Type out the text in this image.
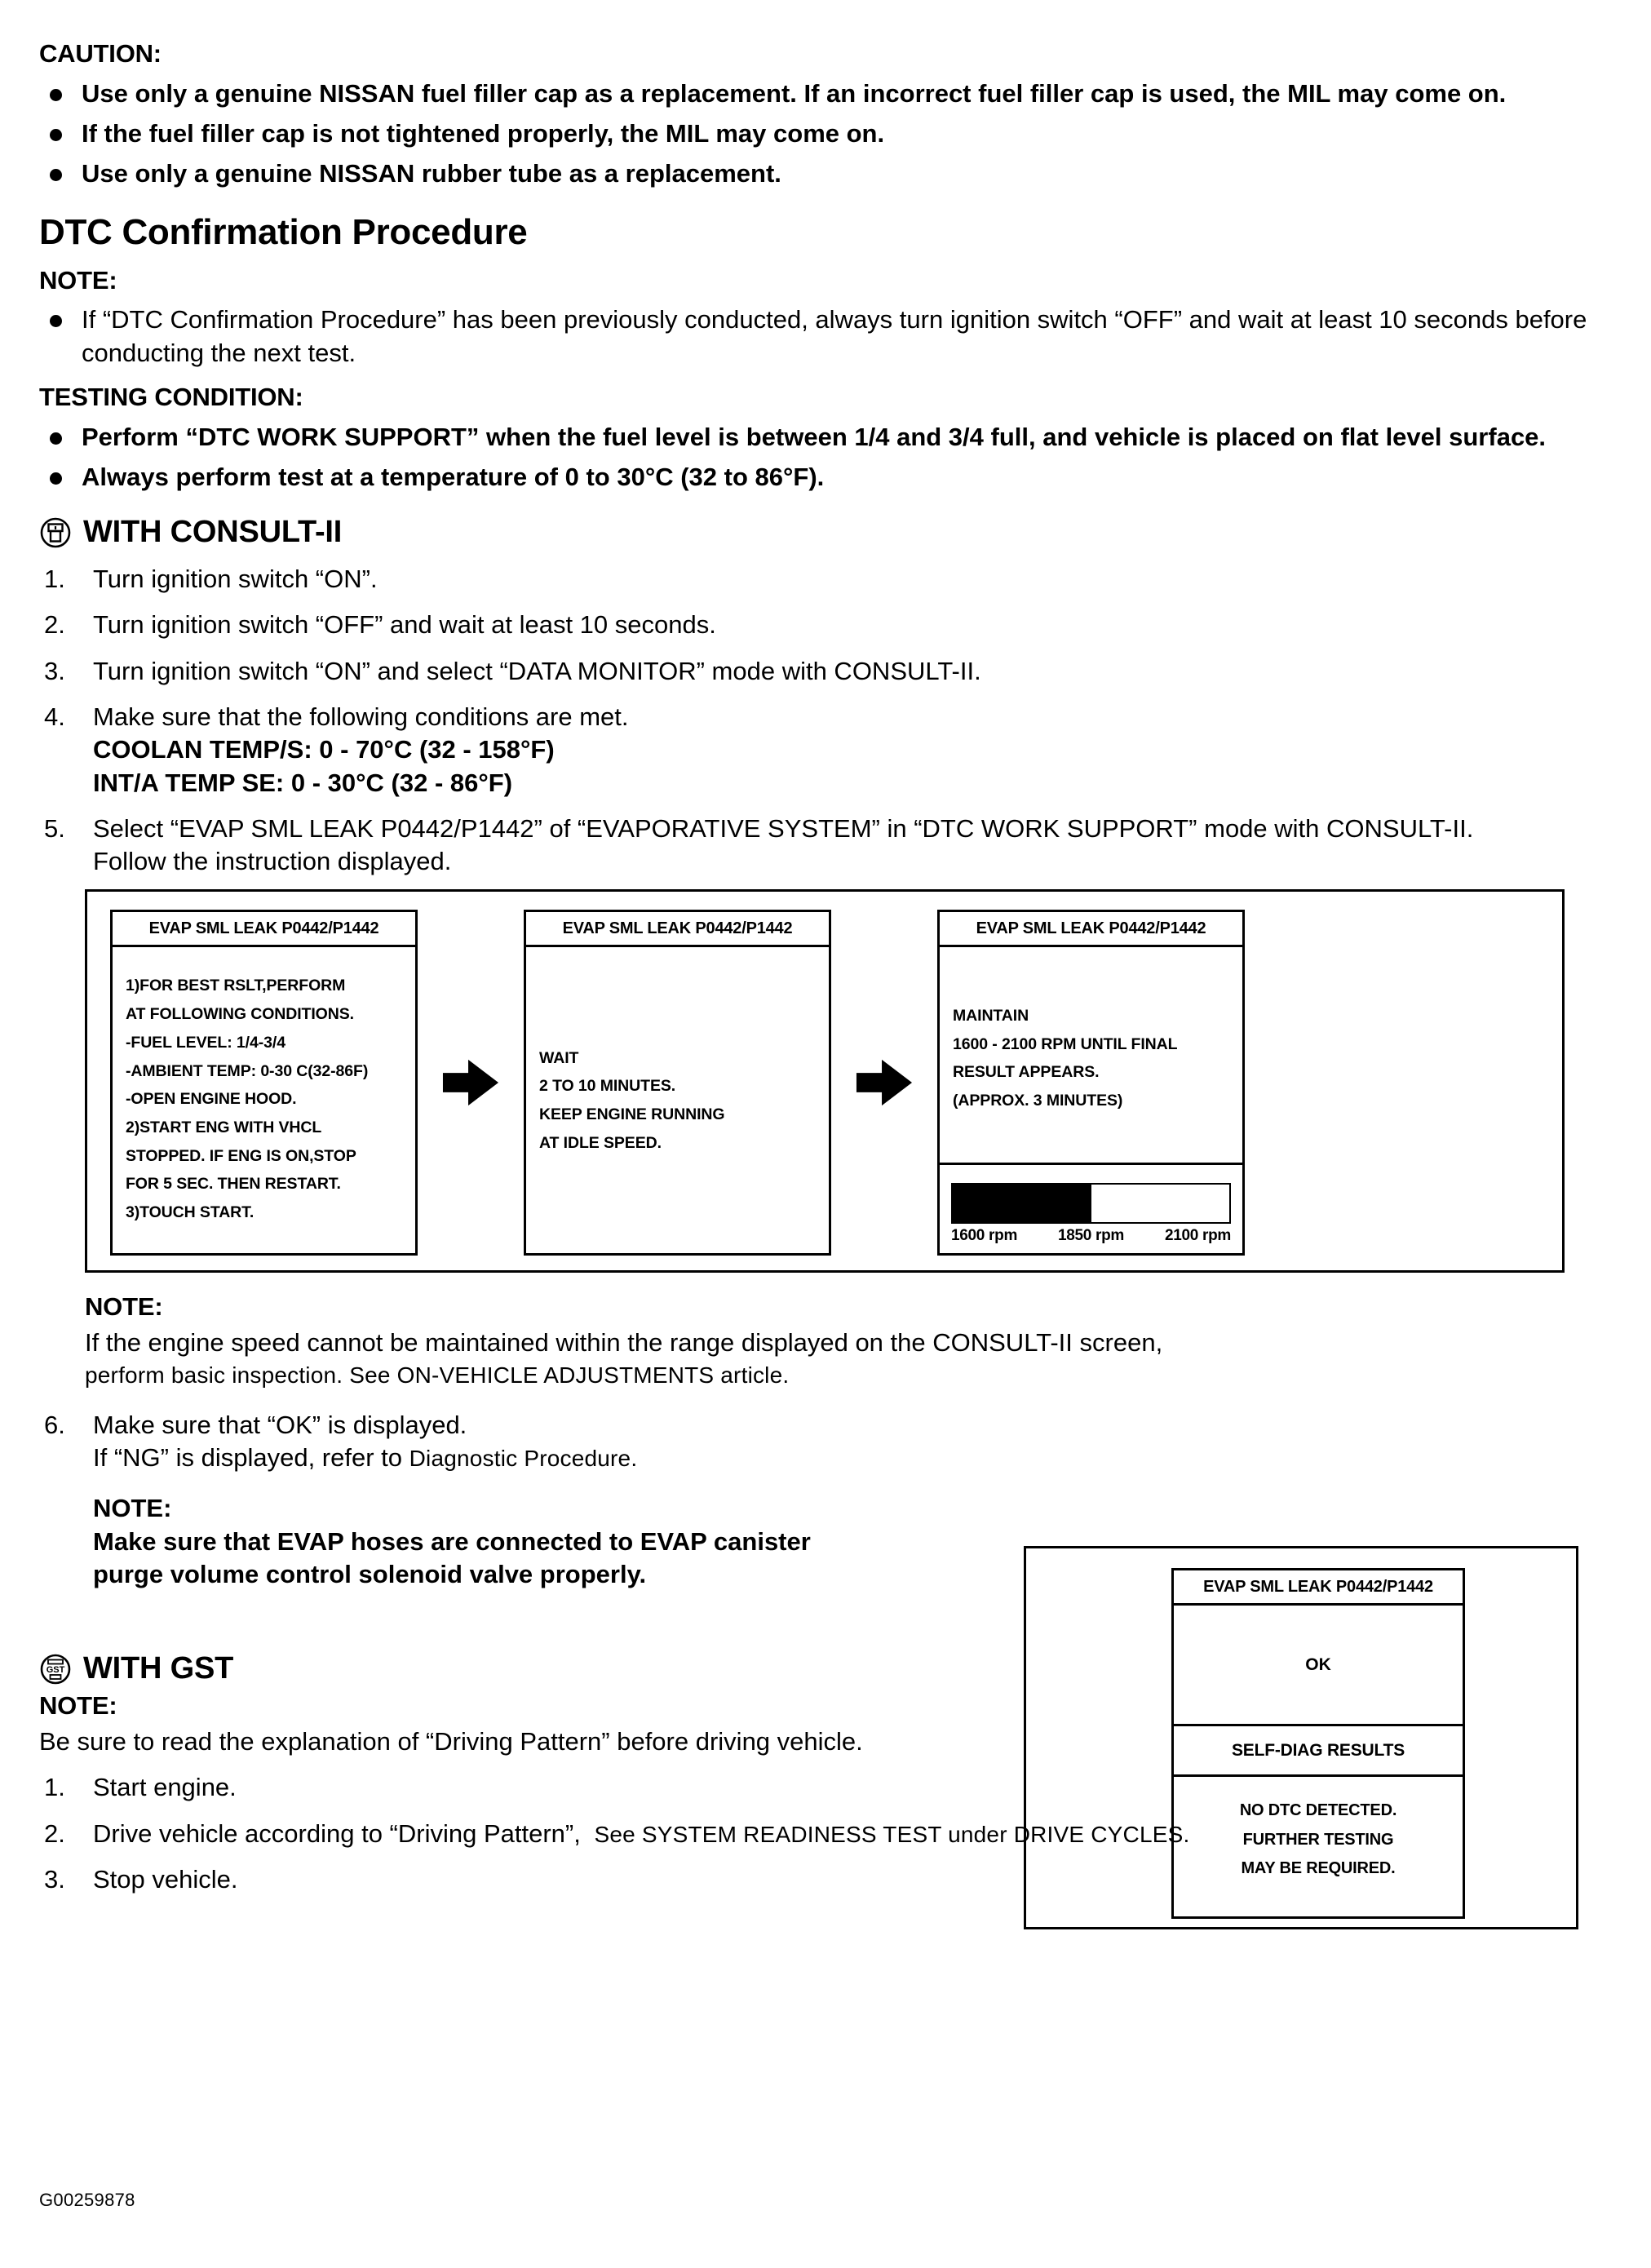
CAUTION:
Use only a genuine NISSAN fuel filler cap as a replacement. If an incorrect fuel filler cap is used, the MIL may come on.
If the fuel filler cap is not tightened properly, the MIL may come on.
Use only a genuine NISSAN rubber tube as a replacement.
DTC Confirmation Procedure
NOTE:
If “DTC Confirmation Procedure” has been previously conducted, always turn ignition switch “OFF” and wait at least 10 seconds before conducting the next test.
TESTING CONDITION:
Perform “DTC WORK SUPPORT” when the fuel level is between 1/4 and 3/4 full, and vehicle is placed on flat level surface.
Always perform test at a temperature of 0 to 30°C (32 to 86°F).
WITH CONSULT-II
1. Turn ignition switch “ON”.
2. Turn ignition switch “OFF” and wait at least 10 seconds.
3. Turn ignition switch “ON” and select “DATA MONITOR” mode with CONSULT-II.
4. Make sure that the following conditions are met.
COOLAN TEMP/S: 0 - 70°C (32 - 158°F)
INT/A TEMP SE: 0 - 30°C (32 - 86°F)
5. Select “EVAP SML LEAK P0442/P1442” of “EVAPORATIVE SYSTEM” in “DTC WORK SUPPORT” mode with CONSULT-II.
Follow the instruction displayed.
EVAP SML LEAK P0442/P1442
1)FOR BEST RSLT,PERFORM
AT FOLLOWING CONDITIONS.
-FUEL LEVEL: 1/4-3/4
-AMBIENT TEMP: 0-30 C(32-86F)
-OPEN ENGINE HOOD.
2)START ENG WITH VHCL
STOPPED. IF ENG IS ON,STOP
FOR 5 SEC. THEN RESTART.
3)TOUCH START.
EVAP SML LEAK P0442/P1442
WAIT
2 TO 10 MINUTES.
KEEP ENGINE RUNNING
AT IDLE SPEED.
EVAP SML LEAK P0442/P1442
MAINTAIN
1600 - 2100 RPM UNTIL FINAL
RESULT APPEARS.
(APPROX. 3 MINUTES)
1600 rpm	1850 rpm	2100 rpm
NOTE:
If the engine speed cannot be maintained within the range displayed on the CONSULT-II screen,
perform basic inspection. See ON-VEHICLE ADJUSTMENTS article.
6. Make sure that “OK” is displayed.
If “NG” is displayed, refer to Diagnostic Procedure.
NOTE:
Make sure that EVAP hoses are connected to EVAP canister
purge volume control solenoid valve properly.	EVAP SML LEAK P0442/P1442
OK
SELF-DIAG RESULTS
NO DTC DETECTED.
FURTHER TESTING
MAY BE REQUIRED.
GST WITH GST
NOTE:
Be sure to read the explanation of “Driving Pattern” before driving vehicle.
1. Start engine.
2. Drive vehicle according to “Driving Pattern”, See SYSTEM READINESS TEST under DRIVE CYCLES.
3. Stop vehicle.
G00259878
